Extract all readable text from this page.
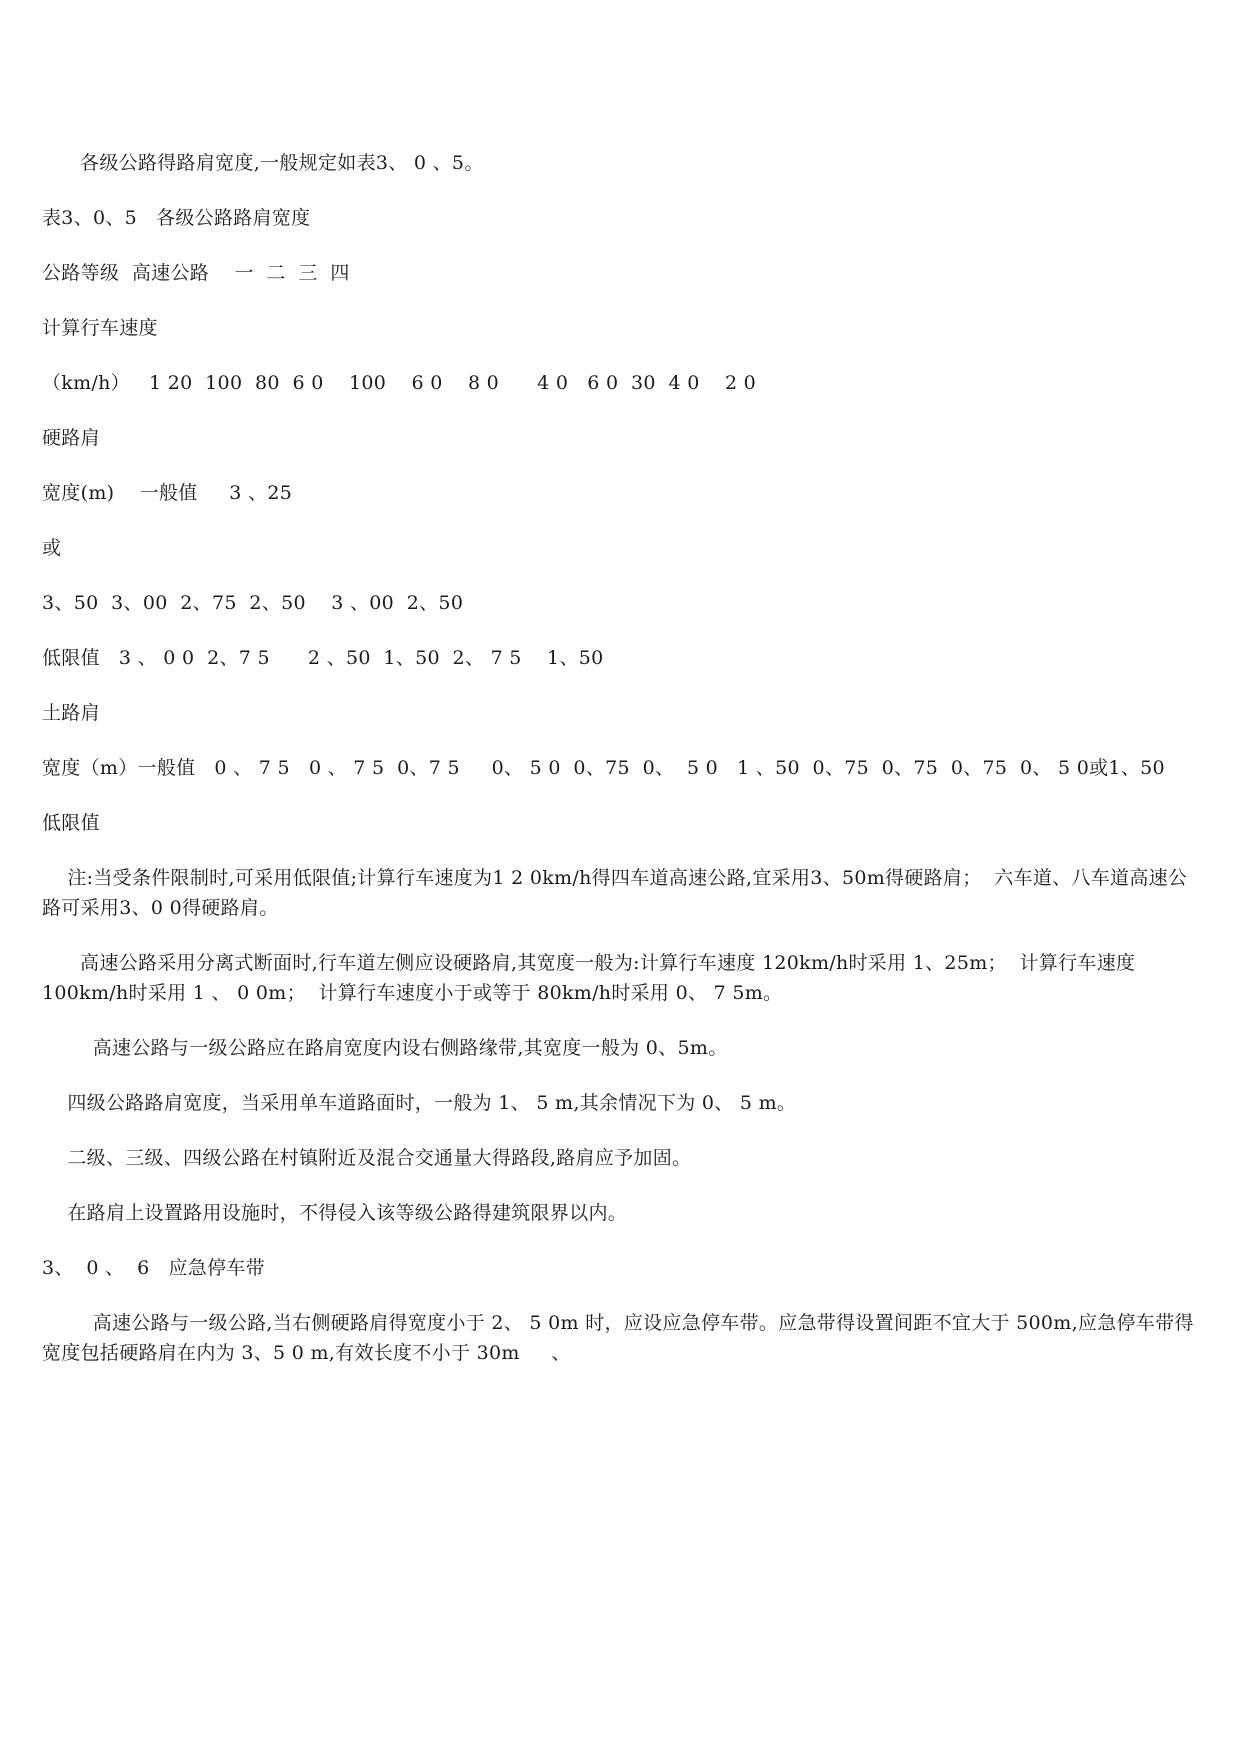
各级公路得路肩宽度,一般规定如表3、 0 、5。
表3、0、5   各级公路路肩宽度
公路等级  高速公路    一  二  三  四
计算行车速度
（km/h）   1 20  100  80  6 0    100    6 0    8 0      4 0   6 0  30  4 0    2 0
硬路肩
宽度(m)    一般值     3 、25
或
3、50  3、00  2、75  2、50    3 、00  2、50
低限值   3 、 0 0  2、7 5      2 、50  1、50  2、 7 5    1、50
土路肩
宽度（m）一般值   0 、 7 5   0 、 7 5  0、7 5     0、 5 0  0、75  0、  5 0   1 、50  0、75  0、75  0、75  0、 5 0或1、50
低限值
注:当受条件限制时,可采用低限值;计算行车速度为1 2 0km/h得四车道高速公路,宜采用3、50m得硬路肩；  六车道、八车道高速公路可采用3、0 0得硬路肩。
高速公路采用分离式断面时,行车道左侧应设硬路肩,其宽度一般为:计算行车速度 120km/h时采用 1、25m；  计算行车速度 100km/h时采用 1 、 0 0m；  计算行车速度小于或等于 80km/h时采用 0、 7 5m。
高速公路与一级公路应在路肩宽度内设右侧路缘带,其宽度一般为 0、5m。
四级公路路肩宽度，当采用单车道路面时，一般为 1、 5 m,其余情况下为 0、 5 m。
二级、三级、四级公路在村镇附近及混合交通量大得路段,路肩应予加固。
在路肩上设置路用设施时，不得侵入该等级公路得建筑限界以内。
3、  0 、  6   应急停车带
高速公路与一级公路,当右侧硬路肩得宽度小于 2、 5 0m 时，应设应急停车带。应急带得设置间距不宜大于 500m,应急停车带得宽度包括硬路肩在内为 3、5 0 m,有效长度不小于 30m     、
